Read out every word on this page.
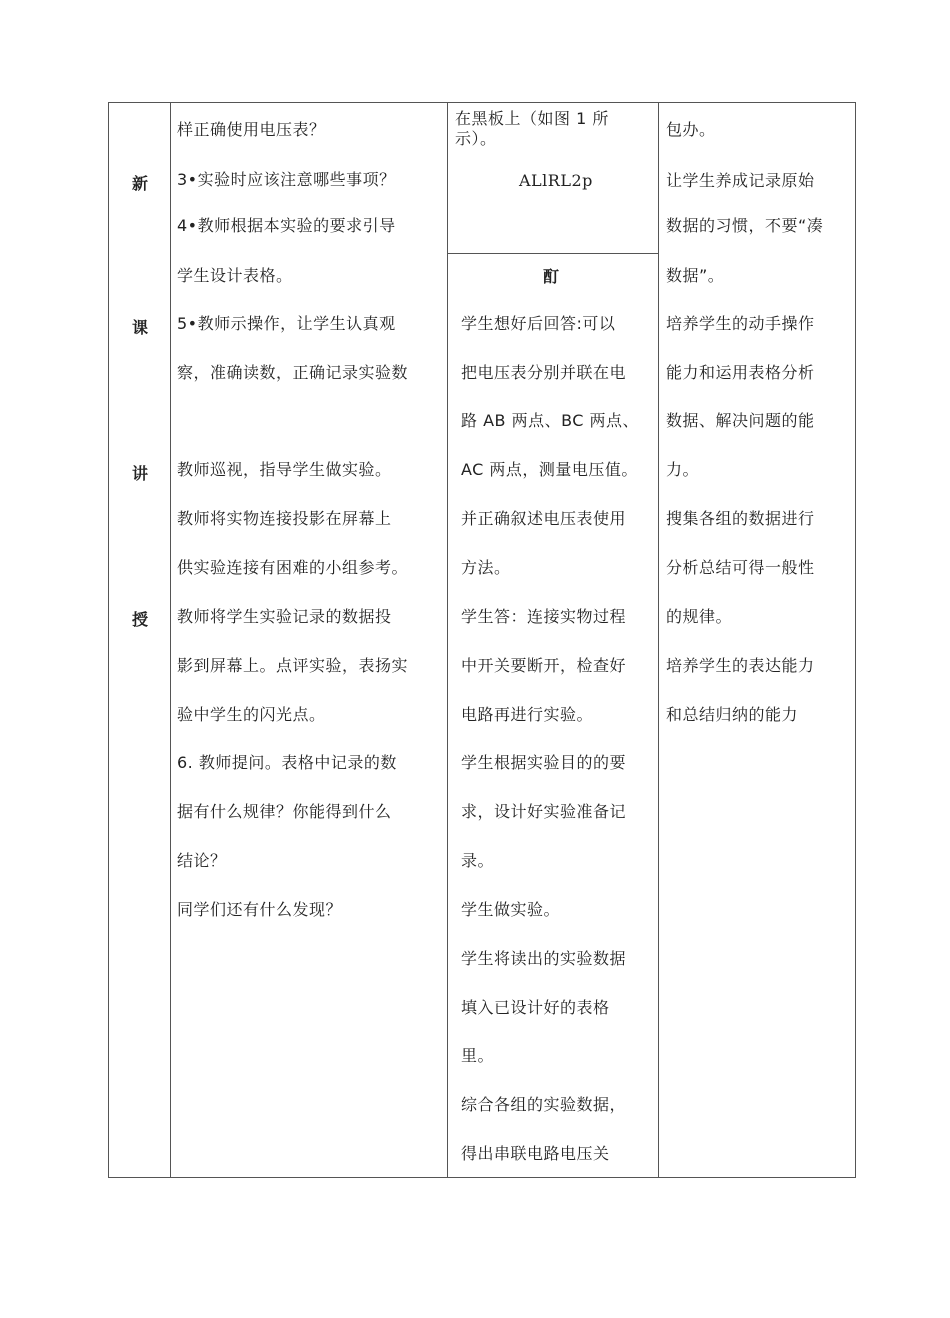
新
课
讲
授
样正确使用电压表？
3•实验时应该注意哪些事项？
4•教师根据本实验的要求引导
学生设计表格。
5•教师示操作，让学生认真观
察，准确读数，正确记录实验数
教师巡视，指导学生做实验。
教师将实物连接投影在屏幕上
供实验连接有困难的小组参考。
教师将学生实验记录的数据投
影到屏幕上。点评实验，表扬实
验中学生的闪光点。
6. 教师提问。表格中记录的数
据有什么规律？你能得到什么
结论？
同学们还有什么发现？
在黑板上（如图 1 所
示）。
ALlRL2p
酊
学生想好后回答:可以
把电压表分别并联在电
路 AB 两点、BC 两点、
AC 两点，测量电压值。
并正确叙述电压表使用
方法。
学生答：连接实物过程
中开关要断开，检查好
电路再进行实验。
学生根据实验目的的要
求，设计好实验准备记
录。
学生做实验。
学生将读出的实验数据
填入已设计好的表格
里。
综合各组的实验数据，
得出串联电路电压关
包办。
让学生养成记录原始
数据的习惯，不要“凑
数据”。
培养学生的动手操作
能力和运用表格分析
数据、解决问题的能
力。
搜集各组的数据进行
分析总结可得一般性
的规律。
培养学生的表达能力
和总结归纳的能力
